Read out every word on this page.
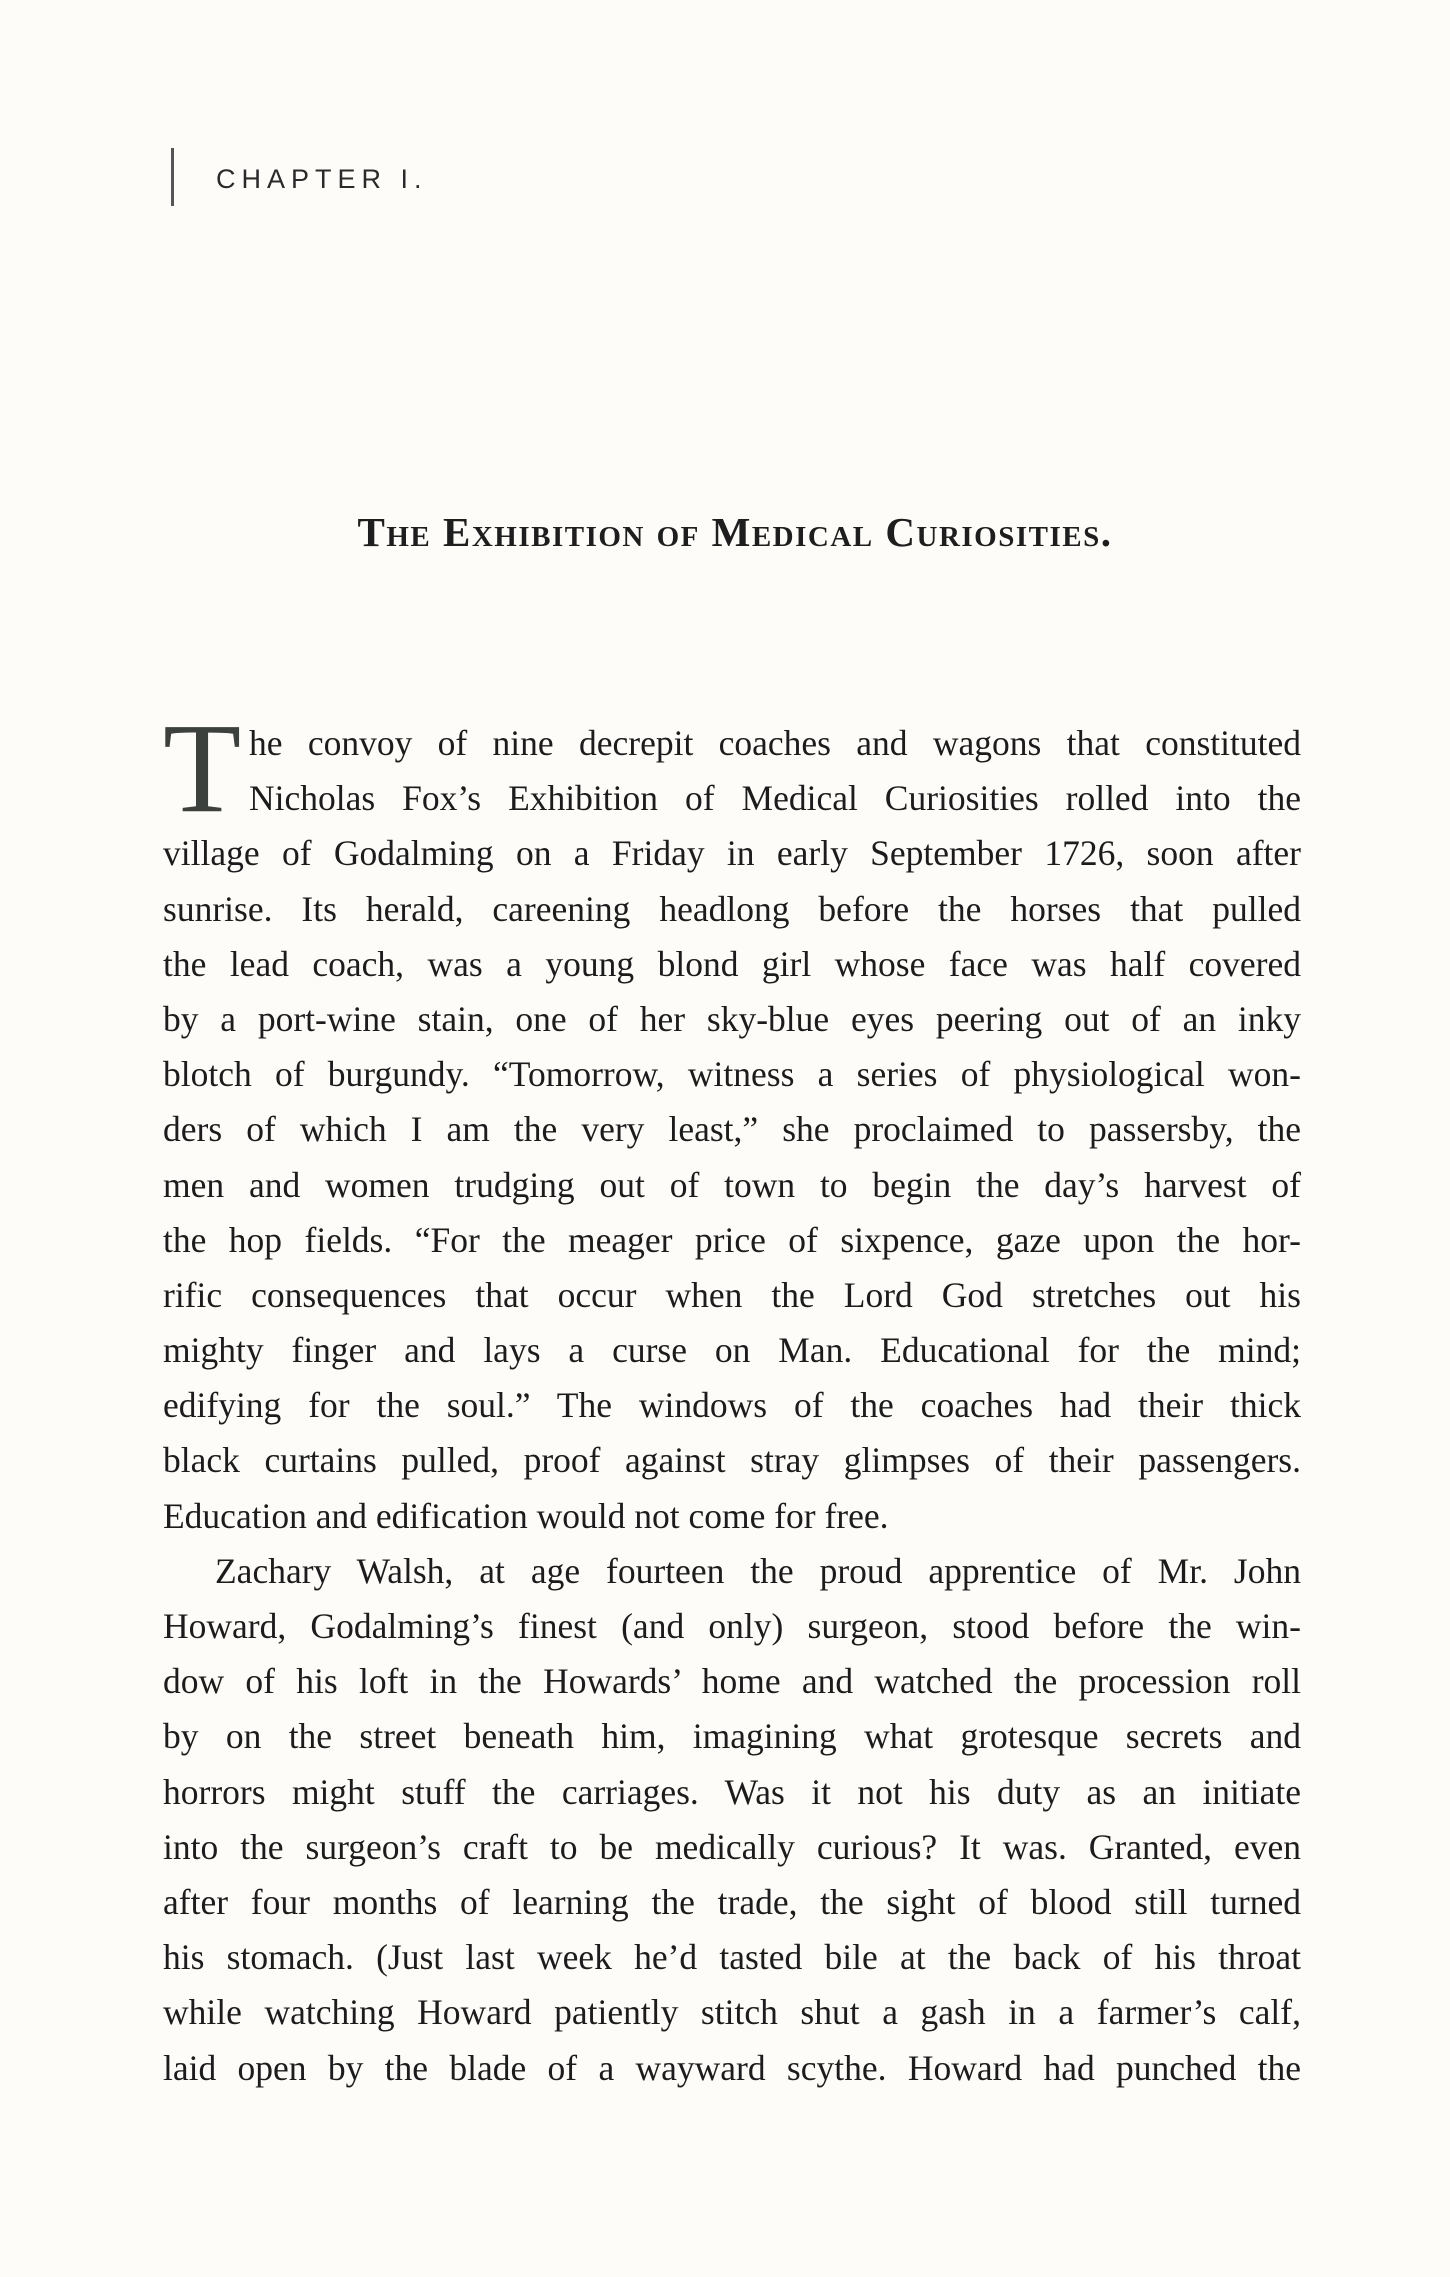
CHAPTER I.
The Exhibition of Medical Curiosities.
T he convoy of nine decrepit coaches and wagons that constituted
Nicholas Fox’s Exhibition of Medical Curiosities rolled into the
village of Godalming on a Friday in early September 1726, soon after
sunrise. Its herald, careening headlong before the horses that pulled
the lead coach, was a young blond girl whose face was half covered
by a port-wine stain, one of her sky-blue eyes peering out of an inky
blotch of burgundy. “Tomorrow, witness a series of physiological won-
ders of which I am the very least,” she proclaimed to passersby, the
men and women trudging out of town to begin the day’s harvest of
the hop fields. “For the meager price of sixpence, gaze upon the hor-
rific consequences that occur when the Lord God stretches out his
mighty finger and lays a curse on Man. Educational for the mind;
edifying for the soul.” The windows of the coaches had their thick
black curtains pulled, proof against stray glimpses of their passengers.
Education and edification would not come for free.
Zachary Walsh, at age fourteen the proud apprentice of Mr. John
Howard, Godalming’s finest (and only) surgeon, stood before the win-
dow of his loft in the Howards’ home and watched the procession roll
by on the street beneath him, imagining what grotesque secrets and
horrors might stuff the carriages. Was it not his duty as an initiate
into the surgeon’s craft to be medically curious? It was. Granted, even
after four months of learning the trade, the sight of blood still turned
his stomach. (Just last week he’d tasted bile at the back of his throat
while watching Howard patiently stitch shut a gash in a farmer’s calf,
laid open by the blade of a wayward scythe. Howard had punched the
